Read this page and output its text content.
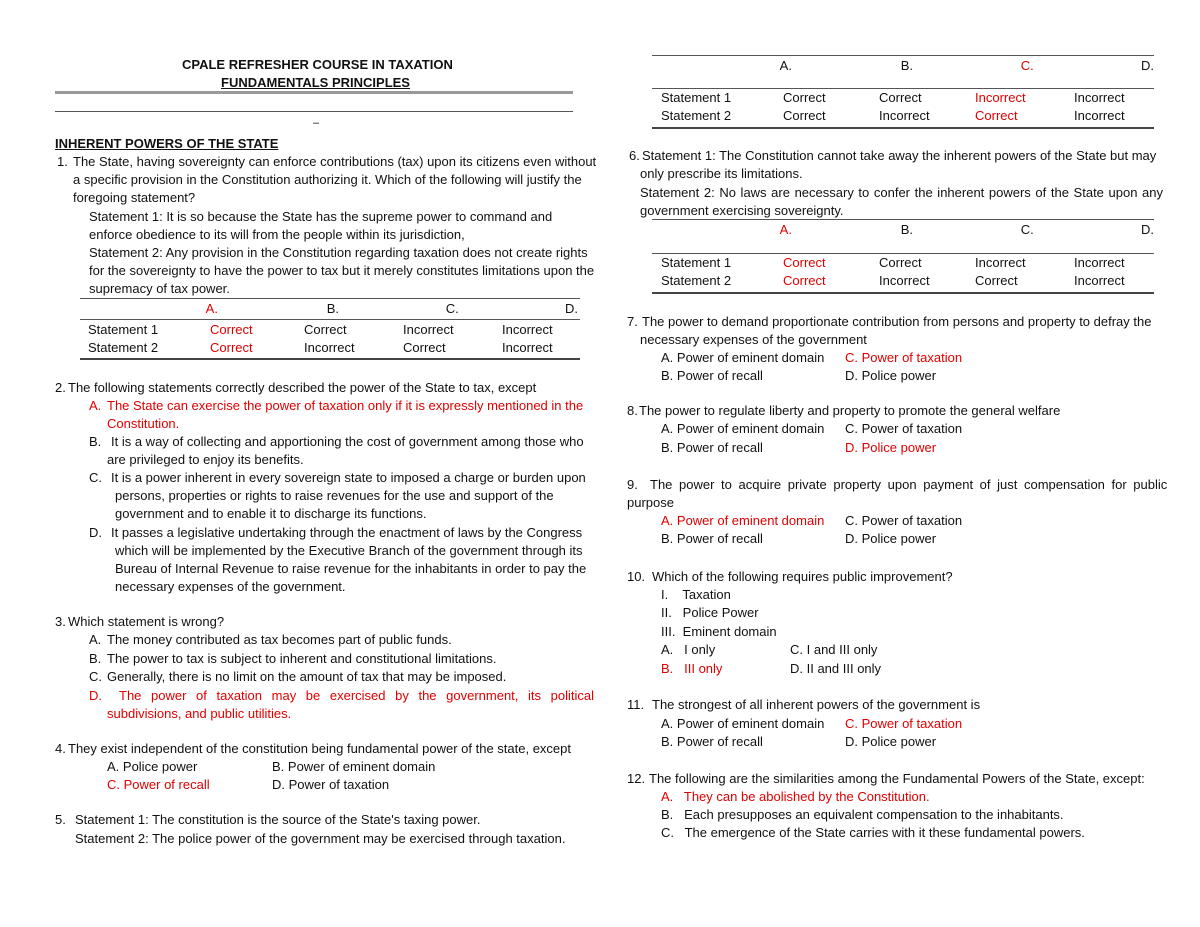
CPALE REFRESHER COURSE IN TAXATION
FUNDAMENTALS PRINCIPLES
–
INHERENT POWERS OF THE STATE
1. The State, having sovereignty can enforce contributions (tax) upon its citizens even without
a specific provision in the Constitution authorizing it. Which of the following will justify the
foregoing statement?
Statement 1: It is so because the State has the supreme power to command and
enforce obedience to its will from the people within its jurisdiction,
Statement 2: Any provision in the Constitution regarding taxation does not create rights
for the sovereignty to have the power to tax but it merely constitutes limitations upon the
supremacy of tax power.
	A.	B.	C.	D.
Statement 1	Correct	Correct	Incorrect	Incorrect
Statement 2	Correct	Incorrect	Correct	Incorrect
2. The following statements correctly described the power of the State to tax, except
A. The State can exercise the power of taxation only if it is expressly mentioned in the
Constitution.
B. It is a way of collecting and apportioning the cost of government among those who
are privileged to enjoy its benefits.
C. It is a power inherent in every sovereign state to imposed a charge or burden upon
persons, properties or rights to raise revenues for the use and support of the
government and to enable it to discharge its functions.
D. It passes a legislative undertaking through the enactment of laws by the Congress
which will be implemented by the Executive Branch of the government through its
Bureau of Internal Revenue to raise revenue for the inhabitants in order to pay the
necessary expenses of the government.
3. Which statement is wrong?
A. The money contributed as tax becomes part of public funds.
B. The power to tax is subject to inherent and constitutional limitations.
C. Generally, there is no limit on the amount of tax that may be imposed.
D. The power of taxation may be exercised by the government, its political
subdivisions, and public utilities.
4. They exist independent of the constitution being fundamental power of the state, except
A. Police power	B. Power of eminent domain
C. Power of recall	D. Power of taxation
5. Statement 1: The constitution is the source of the State's taxing power.
Statement 2: The police power of the government may be exercised through taxation.
	A.	B.	C.	D.
Statement 1	Correct	Correct	Incorrect	Incorrect
Statement 2	Correct	Incorrect	Correct	Incorrect
6. Statement 1: The Constitution cannot take away the inherent powers of the State but may
only prescribe its limitations.
Statement 2: No laws are necessary to confer the inherent powers of the State upon any
government exercising sovereignty.
	A.	B.	C.	D.
Statement 1	Correct	Correct	Incorrect	Incorrect
Statement 2	Correct	Incorrect	Correct	Incorrect
7. The power to demand proportionate contribution from persons and property to defray the
necessary expenses of the government
A. Power of eminent domain C. Power of taxation
B. Power of recall	D. Police power
8. The power to regulate liberty and property to promote the general welfare
A. Power of eminent domain C. Power of taxation
B. Power of recall	D. Police power
9. The power to acquire private property upon payment of just compensation for public
purpose
A. Power of eminent domain C. Power of taxation
B. Power of recall	D. Police power
10. Which of the following requires public improvement?
I.    Taxation
II.   Police Power
III.  Eminent domain
A.   I only	C. I and III only
B.   III only	D. II and III only
11. The strongest of all inherent powers of the government is
A. Power of eminent domain C. Power of taxation
B. Power of recall	D. Police power
12. The following are the similarities among the Fundamental Powers of the State, except:
A.   They can be abolished by the Constitution.
B.   Each presupposes an equivalent compensation to the inhabitants.
C.   The emergence of the State carries with it these fundamental powers.
